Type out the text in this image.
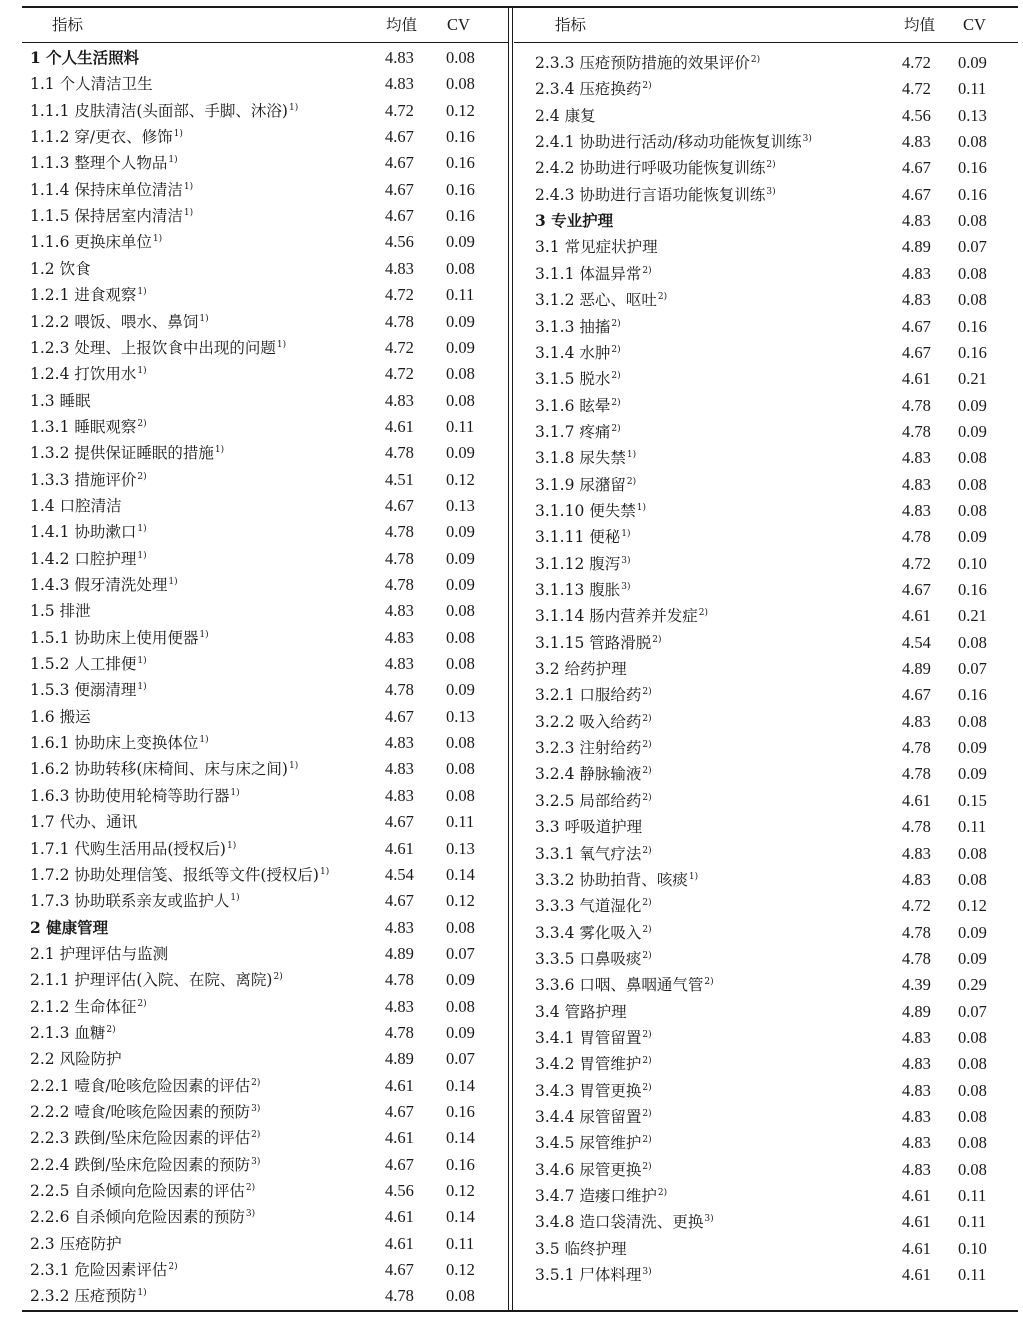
指标	均值 CV	指标	均值 CV
1 个人生活照料	4.83 0.08
1.1 个人清洁卫生	4.83 0.08
1.1.1 皮肤清洁(头面部、手脚、沐浴)$^{1)}$	4.72 0.12
1.1.2 穿/更衣、修饰$^{1)}$	4.67 0.16
1.1.3 整理个人物品$^{1)}$	4.67 0.16
1.1.4 保持床单位清洁$^{1)}$	4.67 0.16
1.1.5 保持居室内清洁$^{1)}$	4.67 0.16
1.1.6 更换床单位$^{1)}$	4.56 0.09
1.2 饮食	4.83 0.08
1.2.1 进食观察$^{1)}$	4.72 0.11
1.2.2 喂饭、喂水、鼻饲$^{1)}$	4.78 0.09
1.2.3 处理、上报饮食中出现的问题$^{1)}$	4.72 0.09
1.2.4 打饮用水$^{1)}$	4.72 0.08
1.3 睡眠	4.83 0.08
1.3.1 睡眠观察$^{2)}$	4.61 0.11
1.3.2 提供保证睡眠的措施$^{1)}$	4.78 0.09
1.3.3 措施评价$^{2)}$	4.51 0.12
1.4 口腔清洁	4.67 0.13
1.4.1 协助漱口$^{1)}$	4.78 0.09
1.4.2 口腔护理$^{1)}$	4.78 0.09
1.4.3 假牙清洗处理$^{1)}$	4.78 0.09
1.5 排泄	4.83 0.08
1.5.1 协助床上使用便器$^{1)}$	4.83 0.08
1.5.2 人工排便$^{1)}$	4.83 0.08
1.5.3 便溺清理$^{1)}$	4.78 0.09
1.6 搬运	4.67 0.13
1.6.1 协助床上变换体位$^{1)}$	4.83 0.08
1.6.2 协助转移(床椅间、床与床之间)$^{1)}$	4.83 0.08
1.6.3 协助使用轮椅等助行器$^{1)}$	4.83 0.08
1.7 代办、通讯	4.67 0.11
1.7.1 代购生活用品(授权后)$^{1)}$	4.61 0.13
1.7.2 协助处理信笺、报纸等文件(授权后)$^{1)}$	4.54 0.14
1.7.3 协助联系亲友或监护人$^{1)}$	4.67 0.12
2 健康管理	4.83 0.08
2.1 护理评估与监测	4.89 0.07
2.1.1 护理评估(入院、在院、离院)$^{2)}$	4.78 0.09
2.1.2 生命体征$^{2)}$	4.83 0.08
2.1.3 血糖$^{2)}$	4.78 0.09
2.2 风险防护	4.89 0.07
2.2.1 噎食/呛咳危险因素的评估$^{2)}$	4.61 0.14
2.2.2 噎食/呛咳危险因素的预防$^{3)}$	4.67 0.16
2.2.3 跌倒/坠床危险因素的评估$^{2)}$	4.61 0.14
2.2.4 跌倒/坠床危险因素的预防$^{3)}$	4.67 0.16
2.2.5 自杀倾向危险因素的评估$^{2)}$	4.56 0.12
2.2.6 自杀倾向危险因素的预防$^{3)}$	4.61 0.14
2.3 压疮防护	4.61 0.11
2.3.1 危险因素评估$^{2)}$	4.67 0.12
2.3.2 压疮预防$^{1)}$	4.78 0.08
2.3.3 压疮预防措施的效果评价$^{2)}$	4.72 0.09
2.3.4 压疮换药$^{2)}$	4.72 0.11
2.4 康复	4.56 0.13
2.4.1 协助进行活动/移动功能恢复训练$^{3)}$	4.83 0.08
2.4.2 协助进行呼吸功能恢复训练$^{2)}$	4.67 0.16
2.4.3 协助进行言语功能恢复训练$^{3)}$	4.67 0.16
3 专业护理	4.83 0.08
3.1 常见症状护理	4.89 0.07
3.1.1 体温异常$^{2)}$	4.83 0.08
3.1.2 恶心、呕吐$^{2)}$	4.83 0.08
3.1.3 抽搐$^{2)}$	4.67 0.16
3.1.4 水肿$^{2)}$	4.67 0.16
3.1.5 脱水$^{2)}$	4.61 0.21
3.1.6 眩晕$^{2)}$	4.78 0.09
3.1.7 疼痛$^{2)}$	4.78 0.09
3.1.8 尿失禁$^{1)}$	4.83 0.08
3.1.9 尿潴留$^{2)}$	4.83 0.08
3.1.10 便失禁$^{1)}$	4.83 0.08
3.1.11 便秘$^{1)}$	4.78 0.09
3.1.12 腹泻$^{3)}$	4.72 0.10
3.1.13 腹胀$^{3)}$	4.67 0.16
3.1.14 肠内营养并发症$^{2)}$	4.61 0.21
3.1.15 管路滑脱$^{2)}$	4.54 0.08
3.2 给药护理	4.89 0.07
3.2.1 口服给药$^{2)}$	4.67 0.16
3.2.2 吸入给药$^{2)}$	4.83 0.08
3.2.3 注射给药$^{2)}$	4.78 0.09
3.2.4 静脉输液$^{2)}$	4.78 0.09
3.2.5 局部给药$^{2)}$	4.61 0.15
3.3 呼吸道护理	4.78 0.11
3.3.1 氧气疗法$^{2)}$	4.83 0.08
3.3.2 协助拍背、咳痰$^{1)}$	4.83 0.08
3.3.3 气道湿化$^{2)}$	4.72 0.12
3.3.4 雾化吸入$^{2)}$	4.78 0.09
3.3.5 口鼻吸痰$^{2)}$	4.78 0.09
3.3.6 口咽、鼻咽通气管$^{2)}$	4.39 0.29
3.4 管路护理	4.89 0.07
3.4.1 胃管留置$^{2)}$	4.83 0.08
3.4.2 胃管维护$^{2)}$	4.83 0.08
3.4.3 胃管更换$^{2)}$	4.83 0.08
3.4.4 尿管留置$^{2)}$	4.83 0.08
3.4.5 尿管维护$^{2)}$	4.83 0.08
3.4.6 尿管更换$^{2)}$	4.83 0.08
3.4.7 造瘘口维护$^{2)}$	4.61 0.11
3.4.8 造口袋清洗、更换$^{3)}$	4.61 0.11
3.5 临终护理	4.61 0.10
3.5.1 尸体料理$^{3)}$	4.61 0.11
